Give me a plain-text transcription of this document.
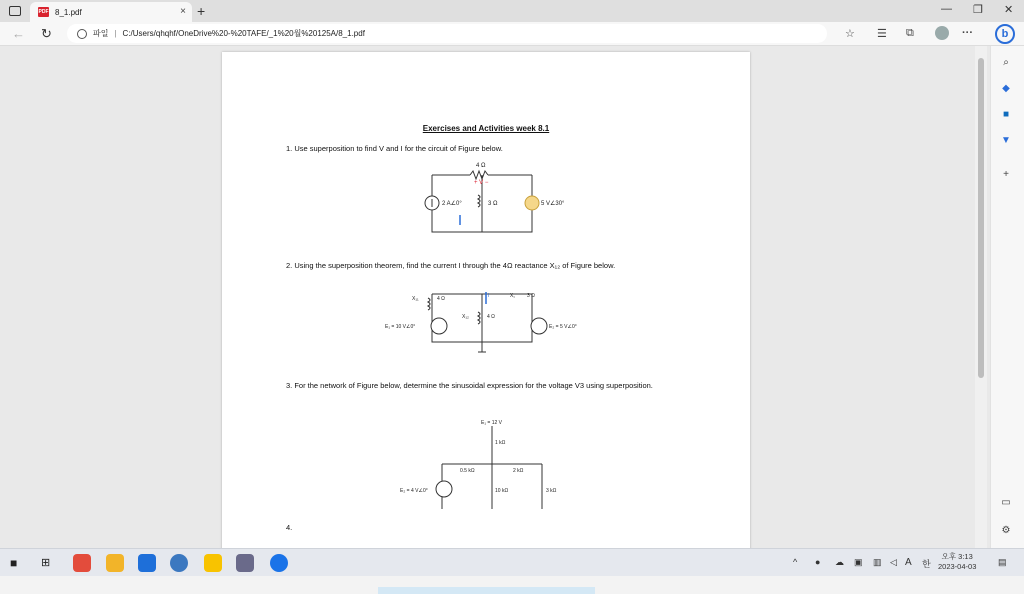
PDF 8_1.pdf	× +	— ❐ ✕
← ↻	파일 | C:/Users/qhqhf/OneDrive%20-%20TAFE/_1%20월%20125A/8_1.pdf	☆ ☰ ⧉	···	b
Exercises and Activities week 8.1
1. Use superposition to find V and I for the circuit of Figure below.
4 Ω
+ V −
2 A∠0°	3 Ω	5 V∠30°
2. Using the superposition theorem, find the current I through the 4Ω reactance X₁₂ of Figure below.
X₁₁	4 Ω
X₁₂	4 Ω
X꜀ 3 Ω
I
E₁ = 10 V∠0°	E₂ = 5 V∠0°
3. For the network of Figure below, determine the sinusoidal expression for the voltage V3 using superposition.
E₁ = 12 V
1 kΩ
0.5 kΩ	2 kΩ
10 kΩ	3 kΩ
E₂ = 4 V∠0°
4.
⌕
◆
■
▼
+
▭
⚙
■ ⊞	^ ● ☁ ▣ ▥ ◁ A 한
오후 3:13
2023-04-03 ▤
